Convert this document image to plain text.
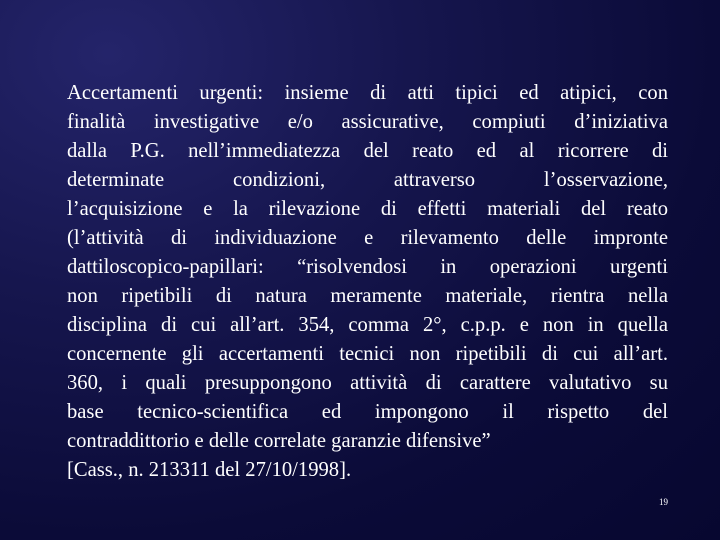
Accertamenti urgenti: insieme di atti tipici ed atipici, con
finalità investigative e/o assicurative, compiuti d’iniziativa
dalla P.G. nell’immediatezza del reato ed al ricorrere di
determinate condizioni, attraverso l’osservazione,
l’acquisizione e la rilevazione di effetti materiali del reato
(l’attività di individuazione e rilevamento delle impronte
dattiloscopico-papillari: “risolvendosi in operazioni urgenti
non ripetibili di natura meramente materiale, rientra nella
disciplina di cui all’art. 354, comma 2°, c.p.p. e non in quella
concernente gli accertamenti tecnici non ripetibili di cui all’art.
360, i quali presuppongono attività di carattere valutativo su
base tecnico-scientifica ed impongono il rispetto del
contraddittorio e delle correlate garanzie difensive”
[Cass., n. 213311 del 27/10/1998].
19
